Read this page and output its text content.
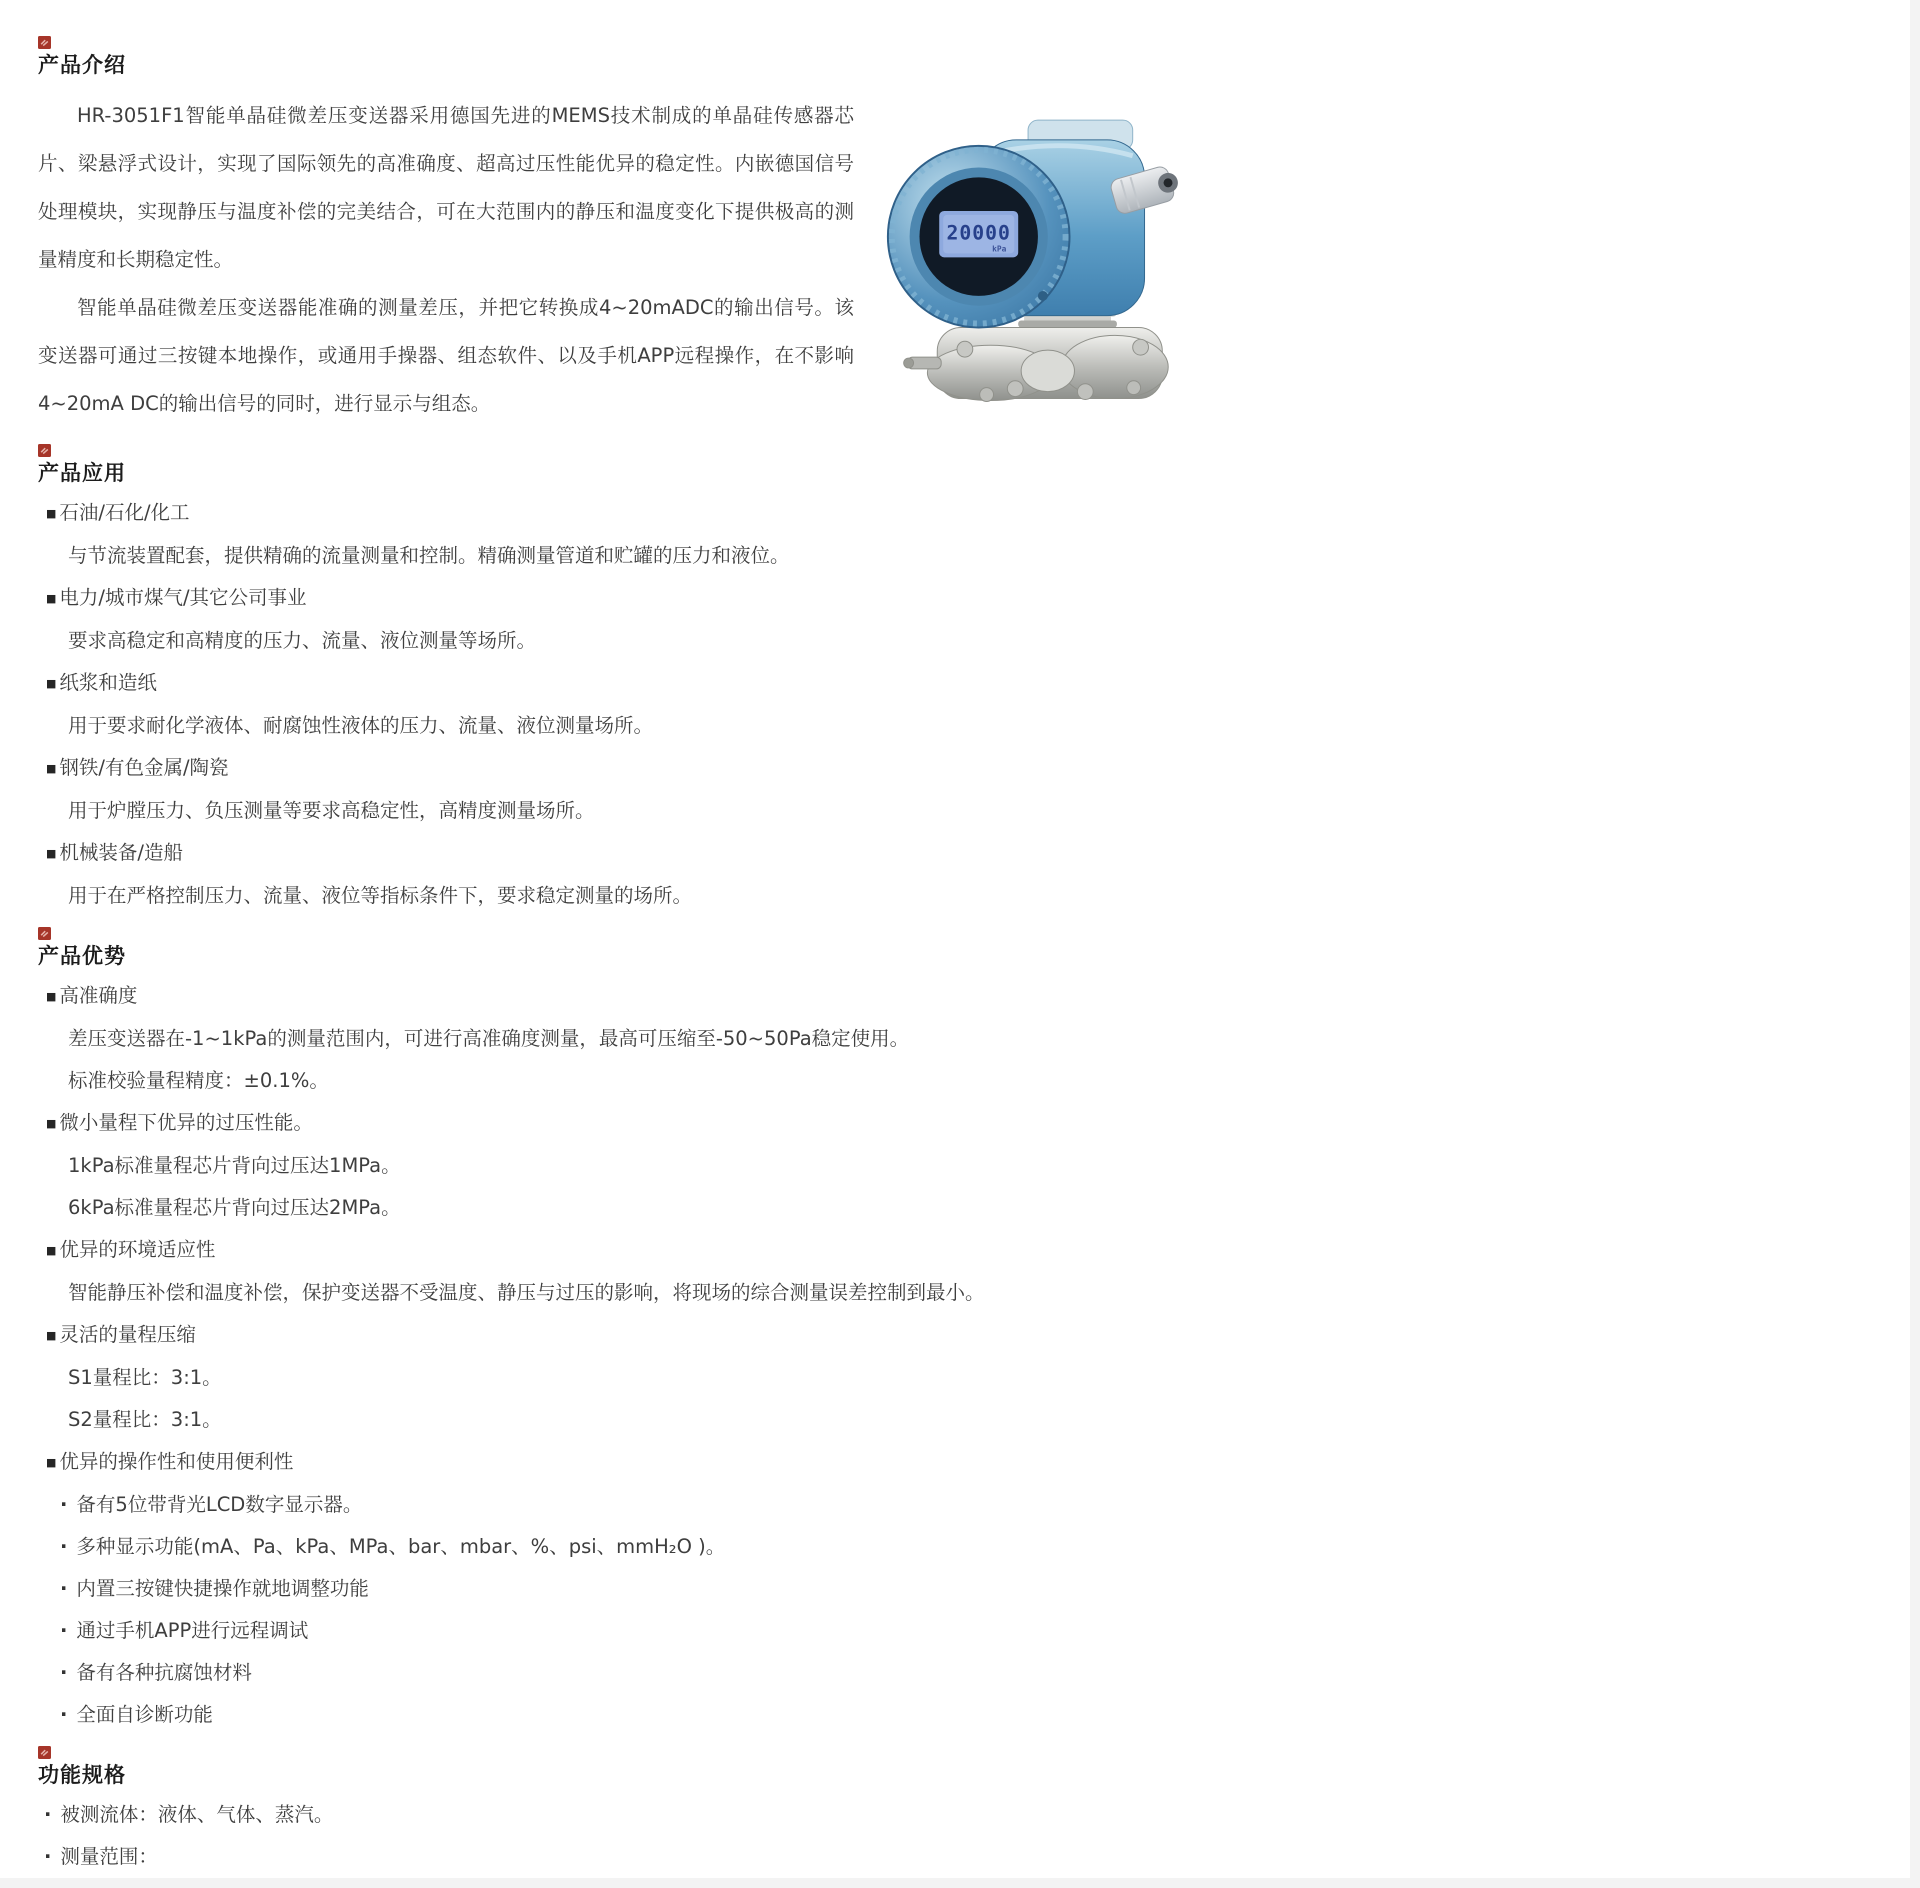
产品介绍
20000
kPa

HR-3051F1智能单晶硅微差压变送器采用德国先进的MEMS技术制成的单晶硅传感器芯片、梁悬浮式设计，实现了国际领先的高准确度、超高过压性能优异的稳定性。内嵌德国信号处理模块，实现静压与温度补偿的完美结合，可在大范围内的静压和温度变化下提供极高的测量精度和长期稳定性。

智能单晶硅微差压变送器能准确的测量差压，并把它转换成4~20mADC的输出信号。该变送器可通过三按键本地操作，或通用手操器、组态软件、以及手机APP远程操作，在不影响4~20mA DC的输出信号的同时，进行显示与组态。

产品应用
■ 石油/石化/化工
与节流装置配套，提供精确的流量测量和控制。精确测量管道和贮罐的压力和液位。
■ 电力/城市煤气/其它公司事业
要求高稳定和高精度的压力、流量、液位测量等场所。
■ 纸浆和造纸
用于要求耐化学液体、耐腐蚀性液体的压力、流量、液位测量场所。
■ 钢铁/有色金属/陶瓷
用于炉膛压力、负压测量等要求高稳定性，高精度测量场所。
■ 机械装备/造船
用于在严格控制压力、流量、液位等指标条件下，要求稳定测量的场所。
产品优势
■ 高准确度
差压变送器在-1~1kPa的测量范围内，可进行高准确度测量，最高可压缩至-50~50Pa稳定使用。
标准校验量程精度：±0.1%。
■ 微小量程下优异的过压性能。
1kPa标准量程芯片背向过压达1MPa。
6kPa标准量程芯片背向过压达2MPa。
■ 优异的环境适应性
智能静压补偿和温度补偿，保护变送器不受温度、静压与过压的影响，将现场的综合测量误差控制到最小。
■ 灵活的量程压缩
S1量程比：3:1。
S2量程比：3:1。
■ 优异的操作性和使用便利性
· 备有5位带背光LCD数字显示器。
· 多种显示功能(mA、Pa、kPa、MPa、bar、mbar、%、psi、mmH₂O )。
· 内置三按键快捷操作就地调整功能
· 通过手机APP进行远程调试
· 备有各种抗腐蚀材料
· 全面自诊断功能
功能规格
· 被测流体：液体、气体、蒸汽。
· 测量范围：
